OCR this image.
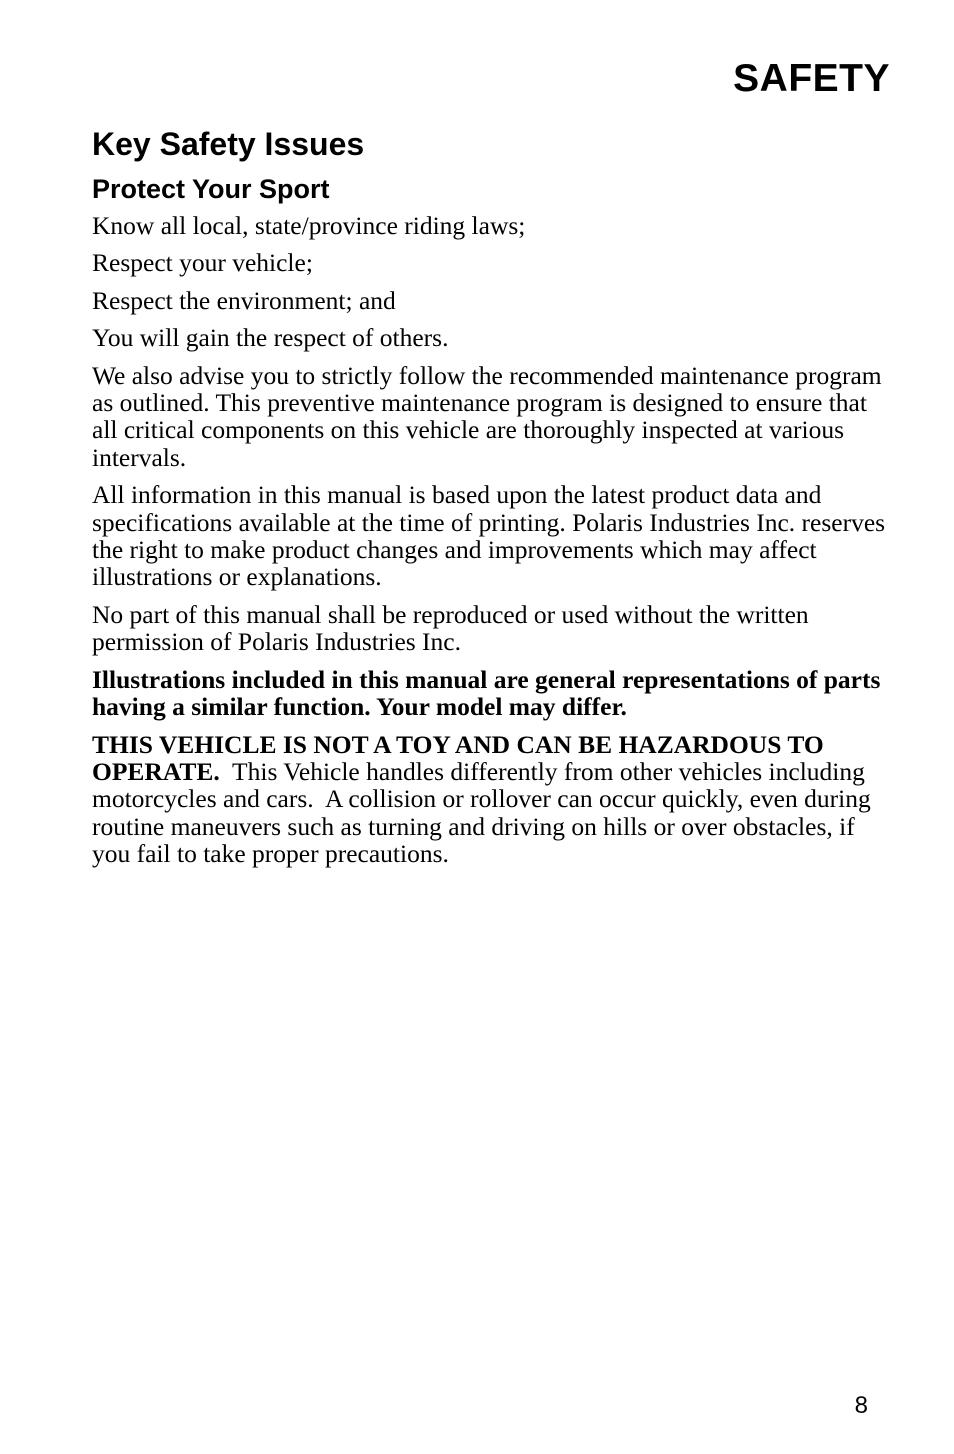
SAFETY
Key Safety Issues
Protect Your Sport

Know all local, state/province riding laws;

Respect your vehicle;

Respect the environment; and

You will gain the respect of others.

We also advise you to strictly follow the recommended maintenance program as outlined. This preventive maintenance program is designed to ensure that all critical components on this vehicle are thoroughly inspected at various intervals.

All information in this manual is based upon the latest product data and specifications available at the time of printing. Polaris Industries Inc. reserves the right to make product changes and improvements which may affect illustrations or explanations.

No part of this manual shall be reproduced or used without the written permission of Polaris Industries Inc.

Illustrations included in this manual are general representations of parts having a similar function. Your model may differ.

THIS VEHICLE IS NOT A TOY AND CAN BE HAZARDOUS TO OPERATE.  This Vehicle handles differently from other vehicles including motorcycles and cars.  A collision or rollover can occur quickly, even during routine maneuvers such as turning and driving on hills or over obstacles, if you fail to take proper precautions.

8
